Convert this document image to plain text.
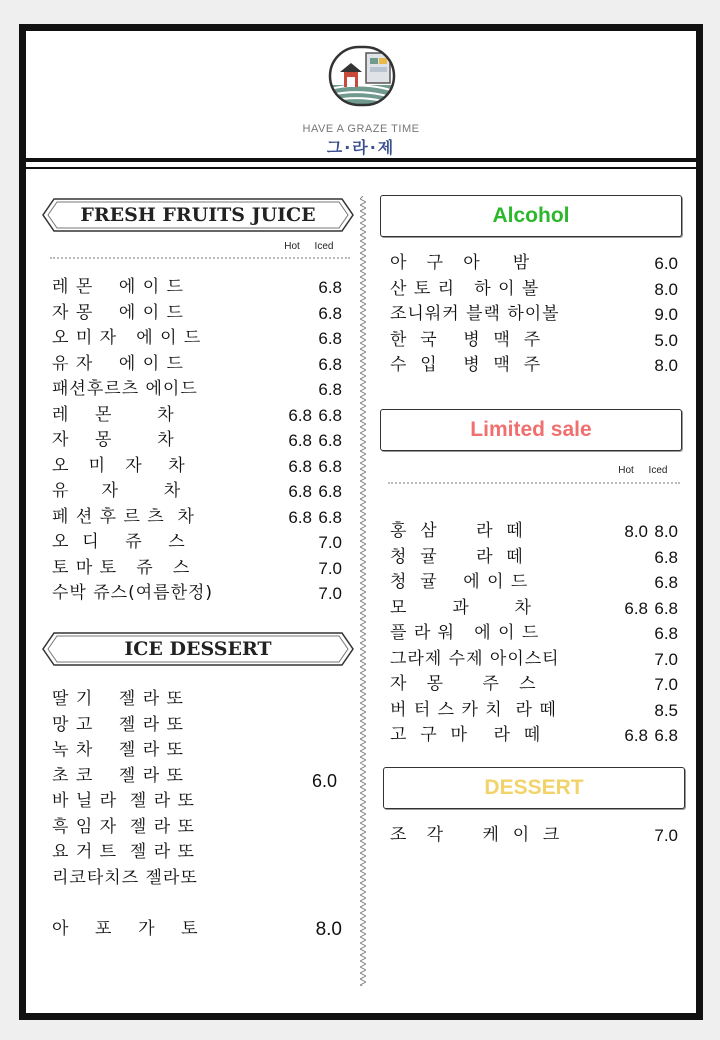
HAVE A GRAZE TIME
그·라·제
FRESH FRUITS JUICE
Hot Iced
레 몬    에 이 드	6.8
자 몽    에 이 드	6.8
오 미 자   에 이 드	6.8
유 자    에 이 드	6.8
패션후르츠 에이드	6.8
레    몬       차	6.8 6.8
자    몽       차	6.8 6.8
오   미   자    차	6.8 6.8
유     자       차	6.8 6.8
페 션 후 르 츠  차	6.8 6.8
오  디    쥬    스	7.0
토 마 토   쥬   스	7.0
수박 쥬스(여름한정)	7.0
ICE DESSERT
딸 기    젤 라 또
망 고    젤 라 또
녹 차    젤 라 또
초 코    젤 라 또
바 닐 라  젤 라 또
흑 임 자  젤 라 또
요 거 트  젤 라 또
리코타치즈 젤라또
6.0
아    포    가    토	8.0
Alcohol
아   구   아     밤	6.0
산 토 리   하 이 볼	8.0
조니워커 블랙 하이볼	9.0
한  국    병  맥  주	5.0
수  입    병  맥  주	8.0
Limited sale
Hot Iced
홍  삼      라  떼	8.0 8.0
청  귤      라  떼	6.8
청  귤    에 이 드	6.8
모       과       차	6.8 6.8
플 라 워   에 이 드	6.8
그라제 수제 아이스티	7.0
자   몽      주   스	7.0
버 터 스 카 치  라 떼	8.5
고  구  마    라  떼	6.8 6.8
DESSERT
조   각      케  이  크	7.0
